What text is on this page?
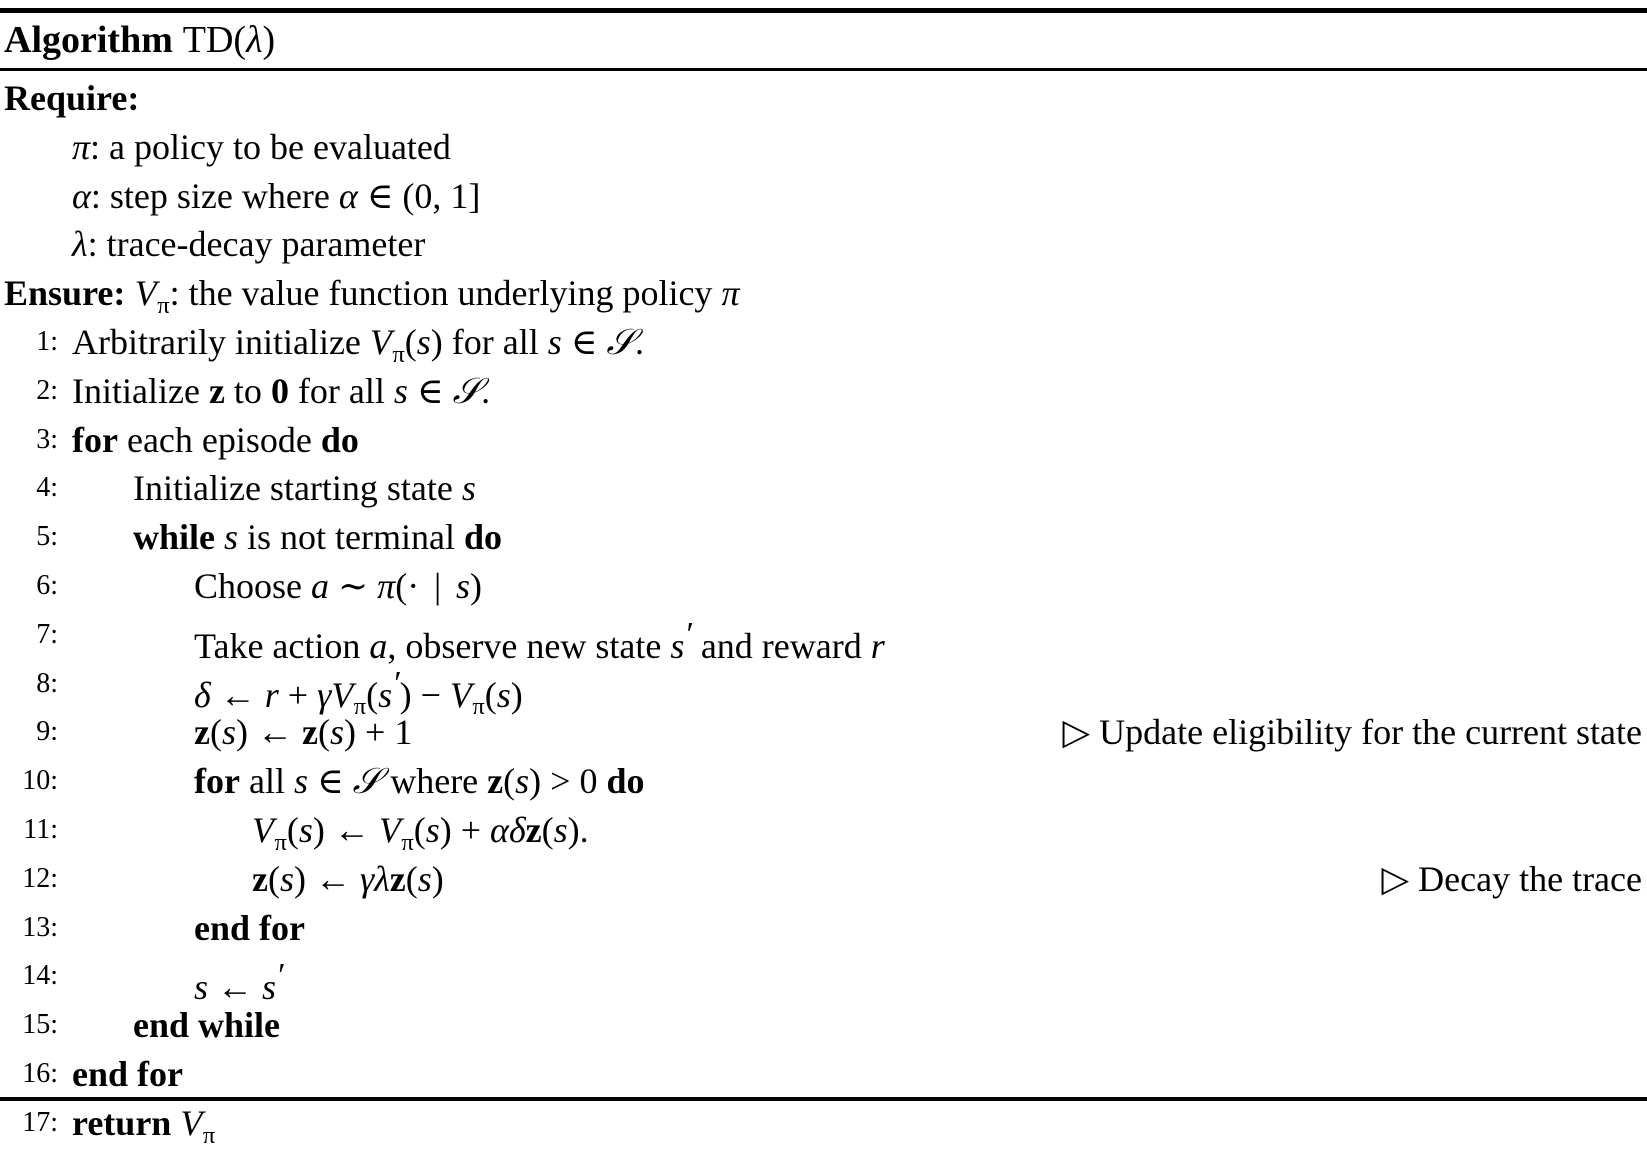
Algorithm TD(λ)
Require:
π: a policy to be evaluated
α: step size where α ∈ (0, 1]
λ: trace-decay parameter
Ensure: $V_\pi$: the value function underlying policy π
1: Arbitrarily initialize $V_\pi(s)$ for all s ∈ 𝒮.
2: Initialize z to 0 for all s ∈ 𝒮.
3: for each episode do
4: Initialize starting state s
5: while s is not terminal do
6:	Choose a ∼ π(· | s)
7:	Take action a, observe new state s′ and reward r
8:	δ ← $r + \gamma V_\pi(s') - V_\pi(s)$
9:	z(s) ← z(s) + 1	▷ Update eligibility for the current state
10:	for all s ∈ 𝒮 where z(s) > 0 do
11:	$V_\pi(s)$ ← $V_\pi(s) + \alpha\delta z(s)$.
12:	z(s) ← γλz(s)	▷ Decay the trace
13:	end for
14:	s ← s′
15: end while
16: end for
17: return $V_\pi$
